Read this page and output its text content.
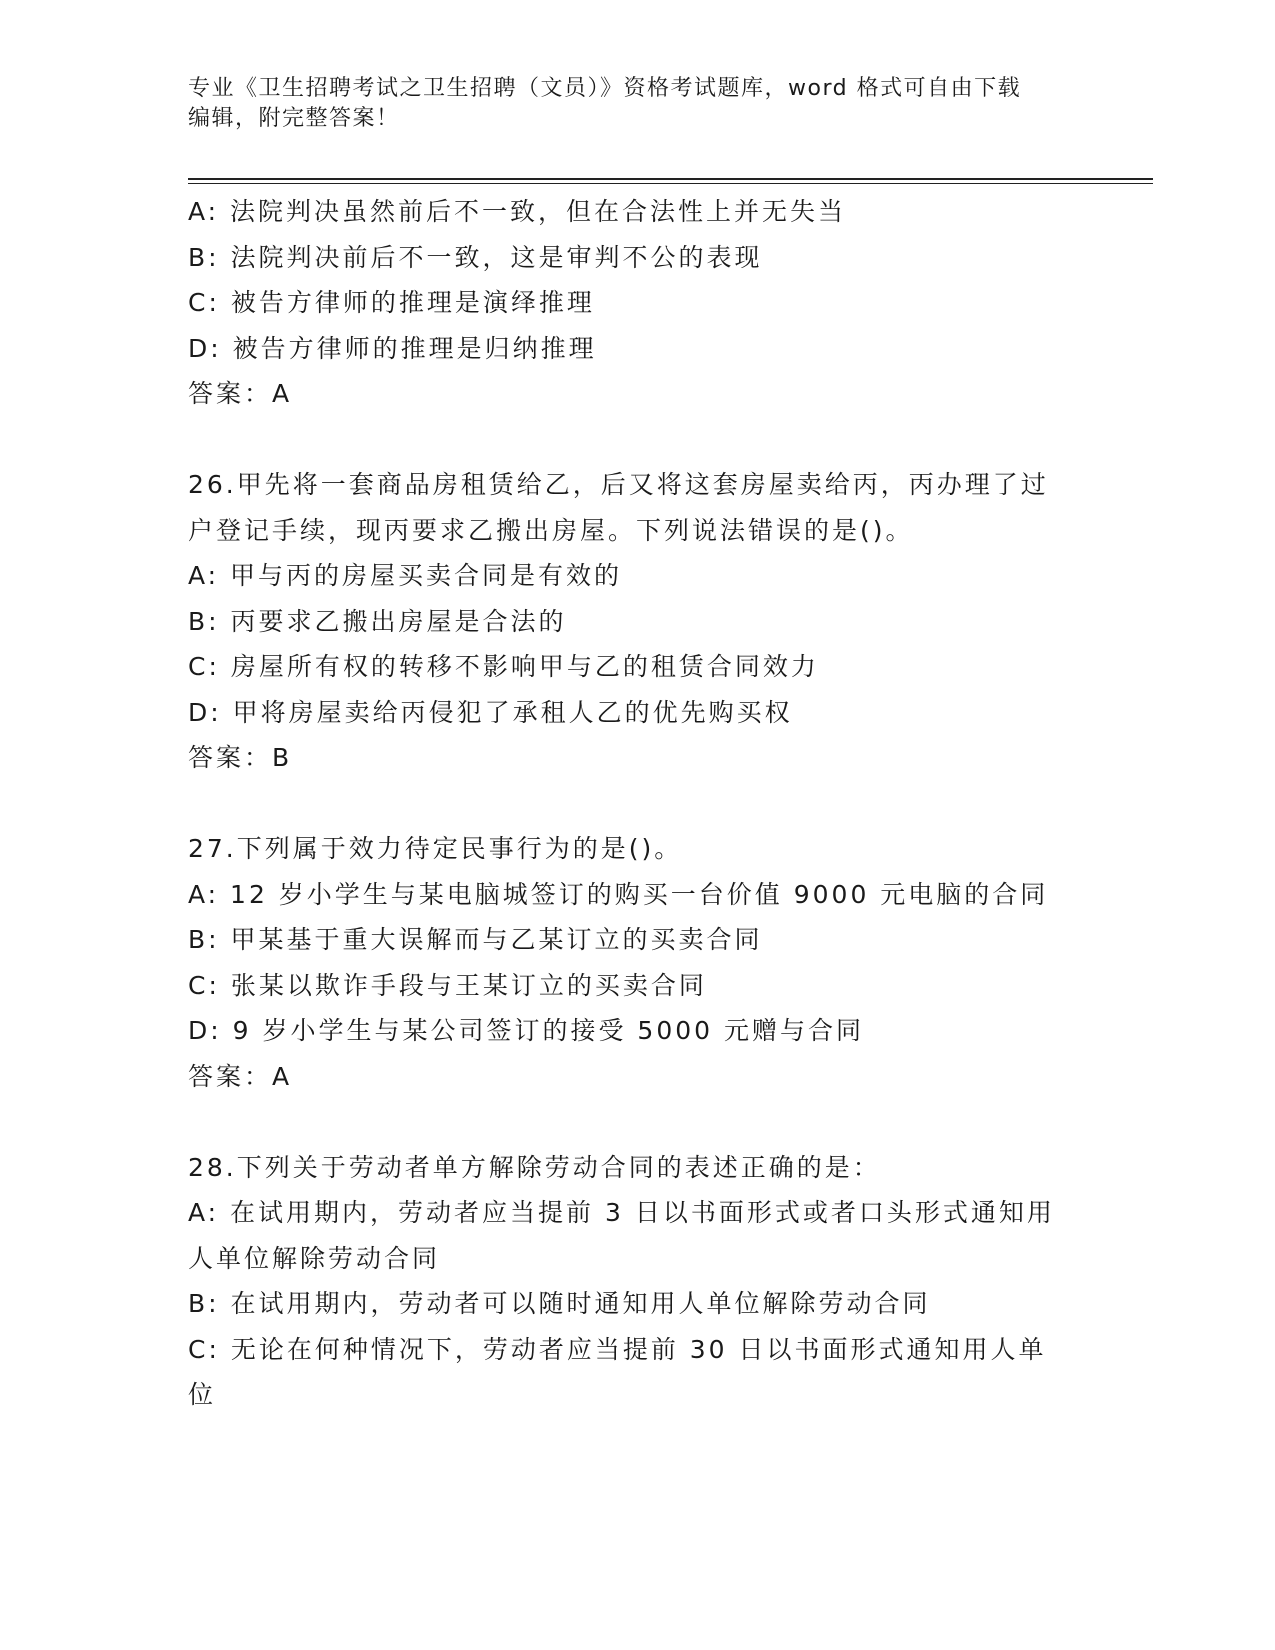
专业《卫生招聘考试之卫生招聘（文员）》资格考试题库，word 格式可自由下载
编辑，附完整答案！
A: 法院判决虽然前后不一致，但在合法性上并无失当
B: 法院判决前后不一致，这是审判不公的表现
C: 被告方律师的推理是演绎推理
D: 被告方律师的推理是归纳推理
答案：A
26.甲先将一套商品房租赁给乙，后又将这套房屋卖给丙，丙办理了过
户登记手续，现丙要求乙搬出房屋。下列说法错误的是()。
A: 甲与丙的房屋买卖合同是有效的
B: 丙要求乙搬出房屋是合法的
C: 房屋所有权的转移不影响甲与乙的租赁合同效力
D: 甲将房屋卖给丙侵犯了承租人乙的优先购买权
答案：B
27.下列属于效力待定民事行为的是()。
A: 12 岁小学生与某电脑城签订的购买一台价值 9000 元电脑的合同
B: 甲某基于重大误解而与乙某订立的买卖合同
C: 张某以欺诈手段与王某订立的买卖合同
D: 9 岁小学生与某公司签订的接受 5000 元赠与合同
答案：A
28.下列关于劳动者单方解除劳动合同的表述正确的是：
A: 在试用期内，劳动者应当提前 3 日以书面形式或者口头形式通知用
人单位解除劳动合同
B: 在试用期内，劳动者可以随时通知用人单位解除劳动合同
C: 无论在何种情况下，劳动者应当提前 30 日以书面形式通知用人单
位
